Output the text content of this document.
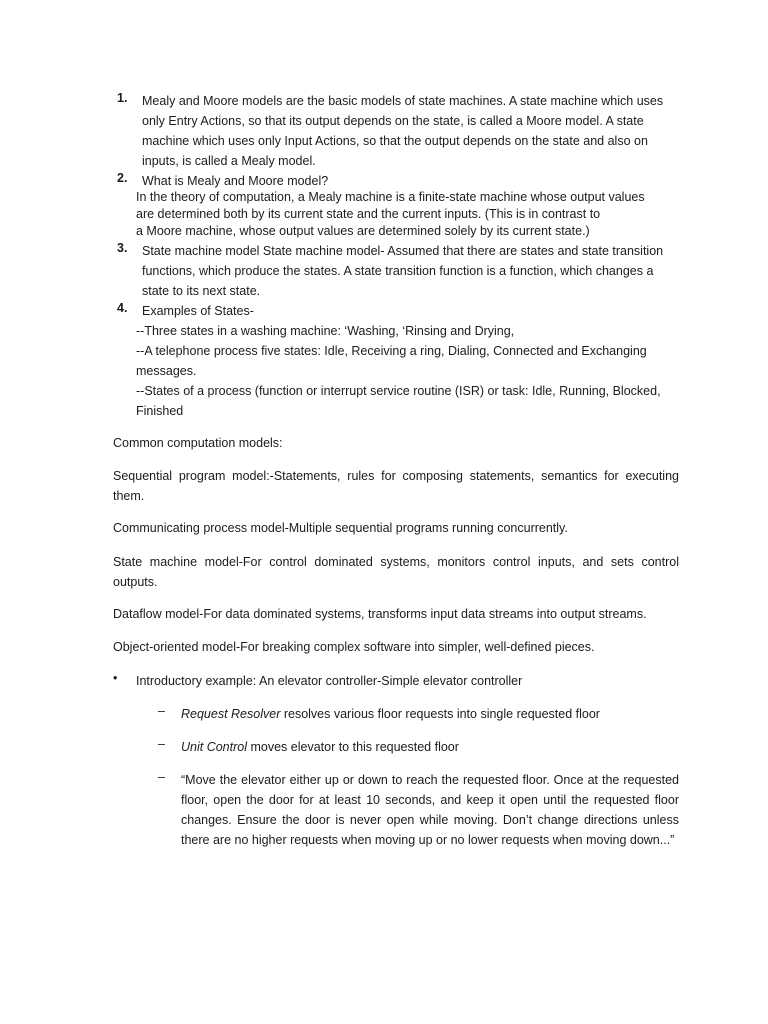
1. Mealy and Moore models are the basic models of state machines. A state machine which uses
only Entry Actions, so that its output depends on the state, is called a Moore model. A state
machine which uses only Input Actions, so that the output depends on the state and also on
inputs, is called a Mealy model.

2. What is Mealy and Moore model?

In the theory of computation, a Mealy machine is a finite-state machine whose output values
are determined both by its current state and the current inputs. (This is in contrast to
a Moore machine, whose output values are determined solely by its current state.)

3. State machine model State machine model- Assumed that there are states and state transition
functions, which produce the states. A state transition function is a function, which changes a
state to its next state.

4. Examples of States-

--Three states in a washing machine: ‘Washing, ‘Rinsing and Drying,
--A telephone process five states: Idle, Receiving a ring, Dialing, Connected and Exchanging
messages.
--States of a process (function or interrupt service routine (ISR) or task: Idle, Running, Blocked,
Finished

Common computation models:

Sequential program model:-Statements, rules for composing statements, semantics for executing them.

Communicating process model-Multiple sequential programs running concurrently.

State machine model-For control dominated systems, monitors control inputs, and sets control outputs.

Dataflow model-For data dominated systems, transforms input data streams into output streams.

Object-oriented model-For breaking complex software into simpler, well-defined pieces.

• Introductory example: An elevator controller-Simple elevator controller

– Request Resolver resolves various floor requests into single requested floor

– Unit Control moves elevator to this requested floor

– “Move the elevator either up or down to reach the requested floor. Once at the requested floor, open the door for at least 10 seconds, and keep it open until the requested floor changes. Ensure the door is never open while moving. Don’t change directions unless there are no higher requests when moving up or no lower requests when moving down...”
